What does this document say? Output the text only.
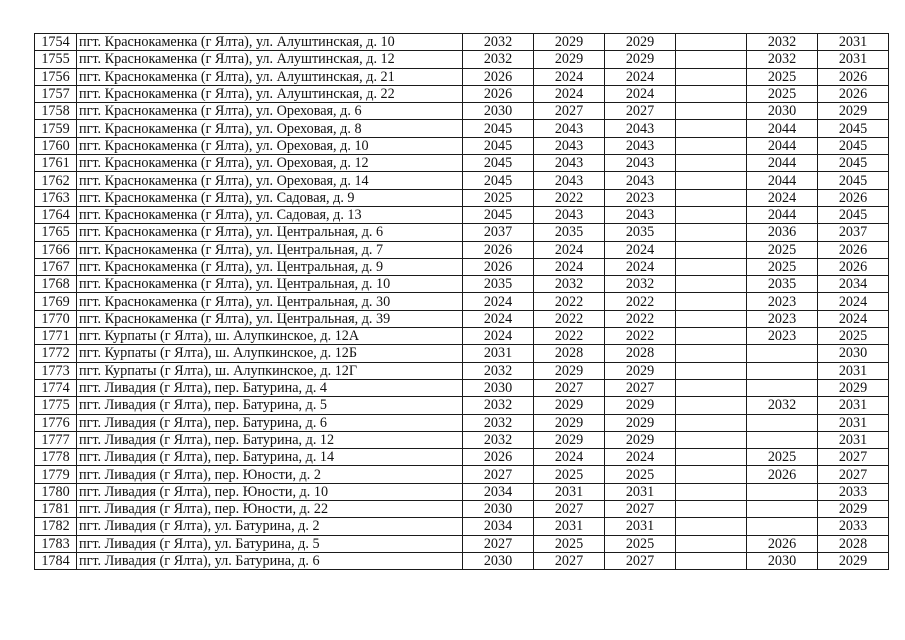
1754	пгт. Краснокаменка (г Ялта), ул. Алуштинская, д. 10	2032	2029	2029		2032	2031
1755	пгт. Краснокаменка (г Ялта), ул. Алуштинская, д. 12	2032	2029	2029		2032	2031
1756	пгт. Краснокаменка (г Ялта), ул. Алуштинская, д. 21	2026	2024	2024		2025	2026
1757	пгт. Краснокаменка (г Ялта), ул. Алуштинская, д. 22	2026	2024	2024		2025	2026
1758	пгт. Краснокаменка (г Ялта), ул. Ореховая, д. 6	2030	2027	2027		2030	2029
1759	пгт. Краснокаменка (г Ялта), ул. Ореховая, д. 8	2045	2043	2043		2044	2045
1760	пгт. Краснокаменка (г Ялта), ул. Ореховая, д. 10	2045	2043	2043		2044	2045
1761	пгт. Краснокаменка (г Ялта), ул. Ореховая, д. 12	2045	2043	2043		2044	2045
1762	пгт. Краснокаменка (г Ялта), ул. Ореховая, д. 14	2045	2043	2043		2044	2045
1763	пгт. Краснокаменка (г Ялта), ул. Садовая, д. 9	2025	2022	2023		2024	2026
1764	пгт. Краснокаменка (г Ялта), ул. Садовая, д. 13	2045	2043	2043		2044	2045
1765	пгт. Краснокаменка (г Ялта), ул. Центральная, д. 6	2037	2035	2035		2036	2037
1766	пгт. Краснокаменка (г Ялта), ул. Центральная, д. 7	2026	2024	2024		2025	2026
1767	пгт. Краснокаменка (г Ялта), ул. Центральная, д. 9	2026	2024	2024		2025	2026
1768	пгт. Краснокаменка (г Ялта), ул. Центральная, д. 10	2035	2032	2032		2035	2034
1769	пгт. Краснокаменка (г Ялта), ул. Центральная, д. 30	2024	2022	2022		2023	2024
1770	пгт. Краснокаменка (г Ялта), ул. Центральная, д. 39	2024	2022	2022		2023	2024
1771	пгт. Курпаты (г Ялта), ш. Алупкинское, д. 12А	2024	2022	2022		2023	2025
1772	пгт. Курпаты (г Ялта), ш. Алупкинское, д. 12Б	2031	2028	2028			2030
1773	пгт. Курпаты (г Ялта), ш. Алупкинское, д. 12Г	2032	2029	2029			2031
1774	пгт. Ливадия (г Ялта), пер. Батурина, д. 4	2030	2027	2027			2029
1775	пгт. Ливадия (г Ялта), пер. Батурина, д. 5	2032	2029	2029		2032	2031
1776	пгт. Ливадия (г Ялта), пер. Батурина, д. 6	2032	2029	2029			2031
1777	пгт. Ливадия (г Ялта), пер. Батурина, д. 12	2032	2029	2029			2031
1778	пгт. Ливадия (г Ялта), пер. Батурина, д. 14	2026	2024	2024		2025	2027
1779	пгт. Ливадия (г Ялта), пер. Юности, д. 2	2027	2025	2025		2026	2027
1780	пгт. Ливадия (г Ялта), пер. Юности, д. 10	2034	2031	2031			2033
1781	пгт. Ливадия (г Ялта), пер. Юности, д. 22	2030	2027	2027			2029
1782	пгт. Ливадия (г Ялта), ул. Батурина, д. 2	2034	2031	2031			2033
1783	пгт. Ливадия (г Ялта), ул. Батурина, д. 5	2027	2025	2025		2026	2028
1784	пгт. Ливадия (г Ялта), ул. Батурина, д. 6	2030	2027	2027		2030	2029
